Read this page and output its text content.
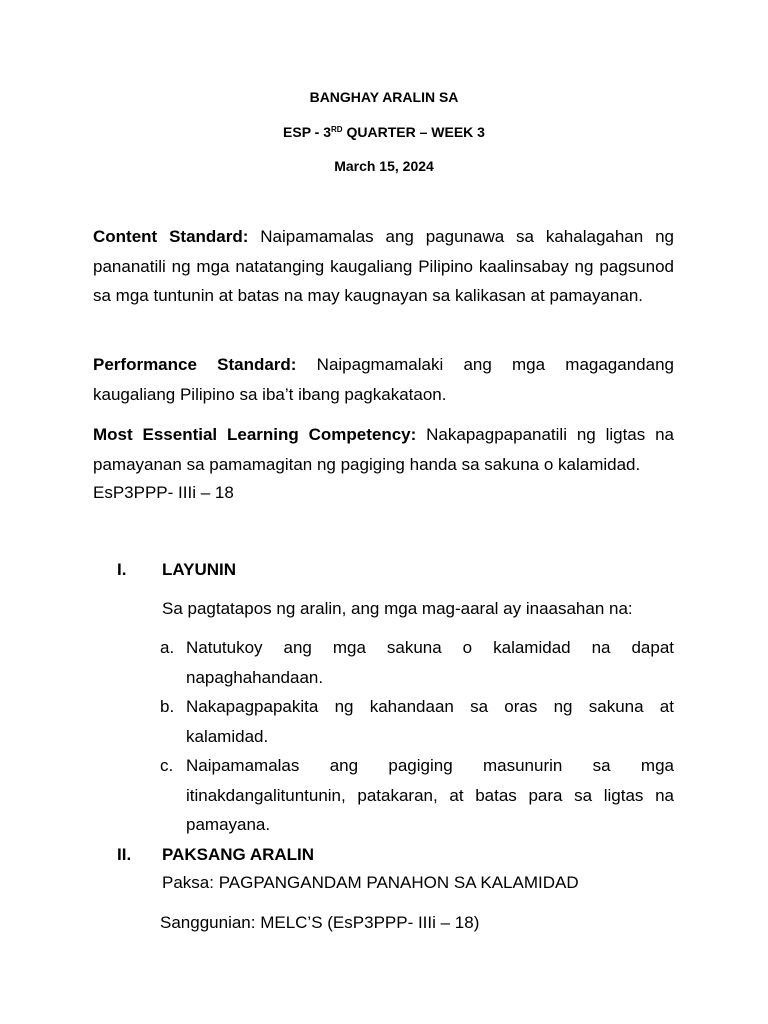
BANGHAY ARALIN SA
ESP - 3RD QUARTER – WEEK 3
March 15, 2024
Content Standard: Naipamamalas ang pagunawa sa kahalagahan ng pananatili ng mga natatanging kaugaliang Pilipino kaalinsabay ng pagsunod sa mga tuntunin at batas na may kaugnayan sa kalikasan at pamayanan.
Performance Standard: Naipagmamalaki ang mga magagandang kaugaliang Pilipino sa iba’t ibang pagkakataon.
Most Essential Learning Competency: Nakapagpapanatili ng ligtas na pamayanan sa pamamagitan ng pagiging handa sa sakuna o kalamidad.
EsP3PPP- IIIi – 18
I. LAYUNIN
Sa pagtatapos ng aralin, ang mga mag-aaral ay inaasahan na:
a. Natutukoy ang mga sakuna o kalamidad na dapat napaghahandaan.
b. Nakapagpapakita ng kahandaan sa oras ng sakuna at kalamidad.
c. Naipamamalas ang pagiging masunurin sa mga itinakdangalituntunin, patakaran, at batas para sa ligtas na pamayana.
II. PAKSANG ARALIN
Paksa: PAGPANGANDAM PANAHON SA KALAMIDAD
Sanggunian: MELC’S (EsP3PPP- IIIi – 18)
